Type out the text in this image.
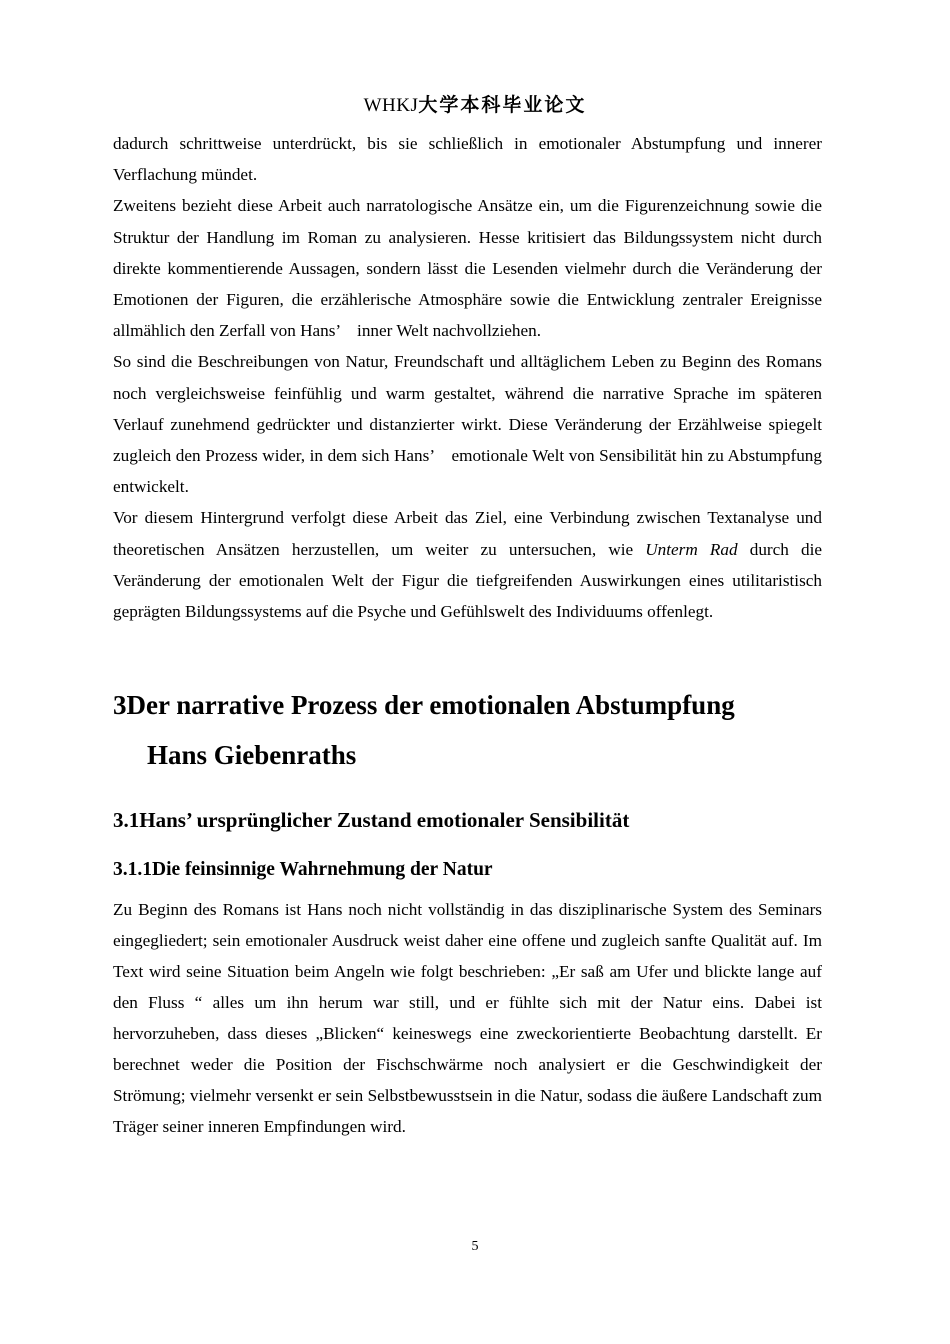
WHKJ大学本科毕业论文

dadurch schrittweise unterdrückt, bis sie schließlich in emotionaler Abstumpfung und innerer Verflachung mündet.

Zweitens bezieht diese Arbeit auch narratologische Ansätze ein, um die Figurenzeichnung sowie die Struktur der Handlung im Roman zu analysieren. Hesse kritisiert das Bildungssystem nicht durch direkte kommentierende Aussagen, sondern lässt die Lesenden vielmehr durch die Veränderung der Emotionen der Figuren, die erzählerische Atmosphäre sowie die Entwicklung zentraler Ereignisse allmählich den Zerfall von Hans’　inner Welt nachvollziehen.

So sind die Beschreibungen von Natur, Freundschaft und alltäglichem Leben zu Beginn des Romans noch vergleichsweise feinfühlig und warm gestaltet, während die narrative Sprache im späteren Verlauf zunehmend gedrückter und distanzierter wirkt. Diese Veränderung der Erzählweise spiegelt zugleich den Prozess wider, in dem sich Hans’　emotionale Welt von Sensibilität hin zu Abstumpfung entwickelt.

Vor diesem Hintergrund verfolgt diese Arbeit das Ziel, eine Verbindung zwischen Textanalyse und theoretischen Ansätzen herzustellen, um weiter zu untersuchen, wie Unterm Rad durch die Veränderung der emotionalen Welt der Figur die tiefgreifenden Auswirkungen eines utilitaristisch geprägten Bildungssystems auf die Psyche und Gefühlswelt des Individuums offenlegt.

3Der narrative Prozess der emotionalen Abstumpfung

Hans Giebenraths

3.1Hans’ ursprünglicher Zustand emotionaler Sensibilität

3.1.1Die feinsinnige Wahrnehmung der Natur

Zu Beginn des Romans ist Hans noch nicht vollständig in das disziplinarische System des Seminars eingegliedert; sein emotionaler Ausdruck weist daher eine offene und zugleich sanfte Qualität auf. Im Text wird seine Situation beim Angeln wie folgt beschrieben: „Er saß am Ufer und blickte lange auf den Fluss “ alles um ihn herum war still, und er fühlte sich mit der Natur eins. Dabei ist hervorzuheben, dass dieses „Blicken“ keineswegs eine zweckorientierte Beobachtung darstellt. Er berechnet weder die Position der Fischschwärme noch analysiert er die Geschwindigkeit der Strömung; vielmehr versenkt er sein Selbstbewusstsein in die Natur, sodass die äußere Landschaft zum Träger seiner inneren Empfindungen wird.

5
